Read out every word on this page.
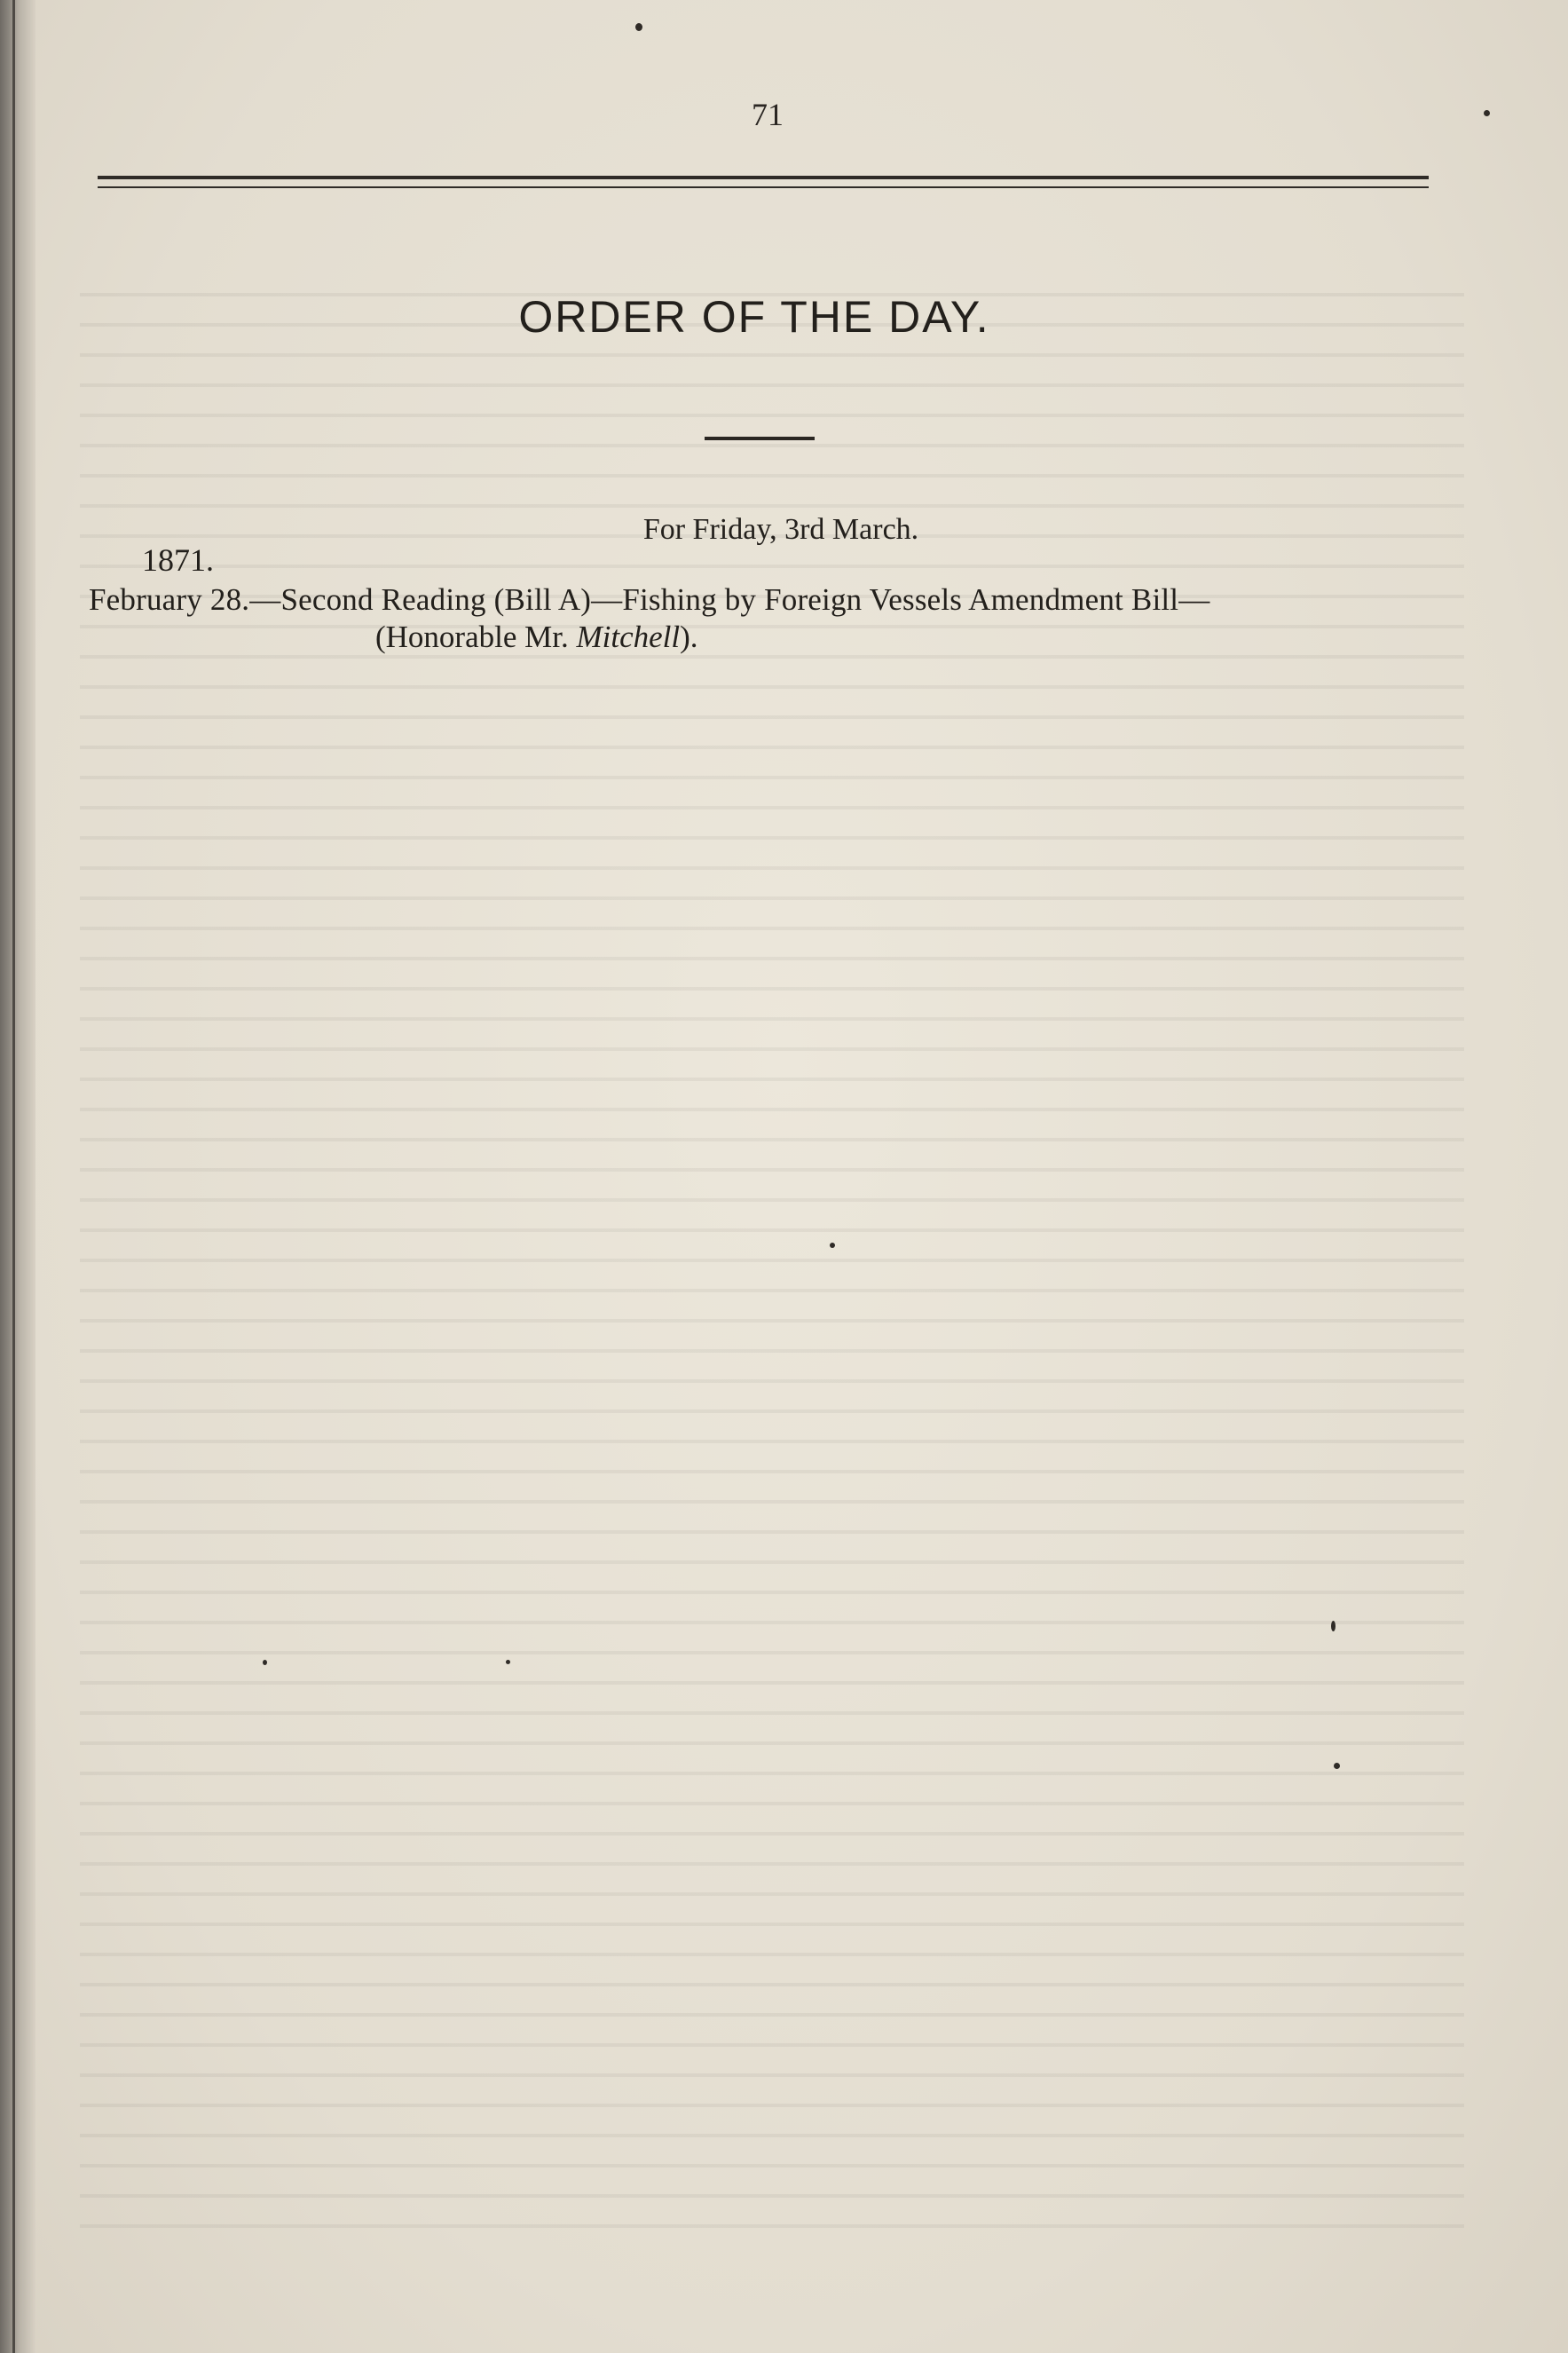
71
ORDER OF THE DAY.
For Friday, 3rd March.
1871.
February 28.—Second Reading (Bill A)—Fishing by Foreign Vessels Amendment Bill—
(Honorable Mr. Mitchell).
